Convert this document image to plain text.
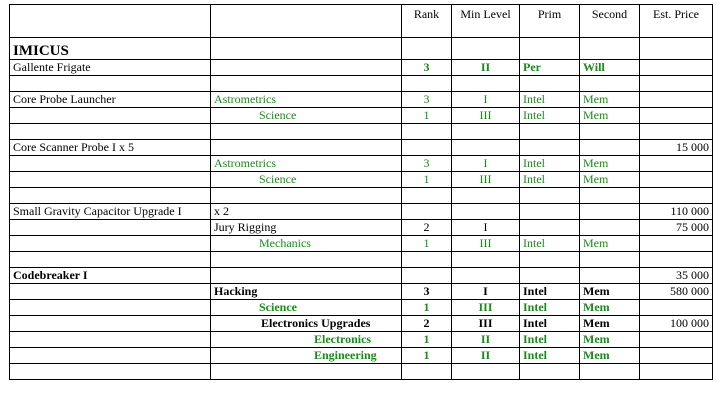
		Rank	Min Level	Prim	Second	Est. Price
IMICUS						
Gallente Frigate		3	II	Per	Will	

Core Probe Launcher	Astrometrics	3	I	Intel	Mem	
	Science	1	III	Intel	Mem	

Core Scanner Probe I x 5						15 000
	Astrometrics	3	I	Intel	Mem	
	Science	1	III	Intel	Mem	

Small Gravity Capacitor Upgrade I	x 2					110 000
	Jury Rigging	2	I			75 000
	Mechanics	1	III	Intel	Mem	

Codebreaker I						35 000
	Hacking	3	I	Intel	Mem	580 000
	Science	1	III	Intel	Mem	
	Electronics Upgrades	2	III	Intel	Mem	100 000
	Electronics	1	II	Intel	Mem	
	Engineering	1	II	Intel	Mem	
